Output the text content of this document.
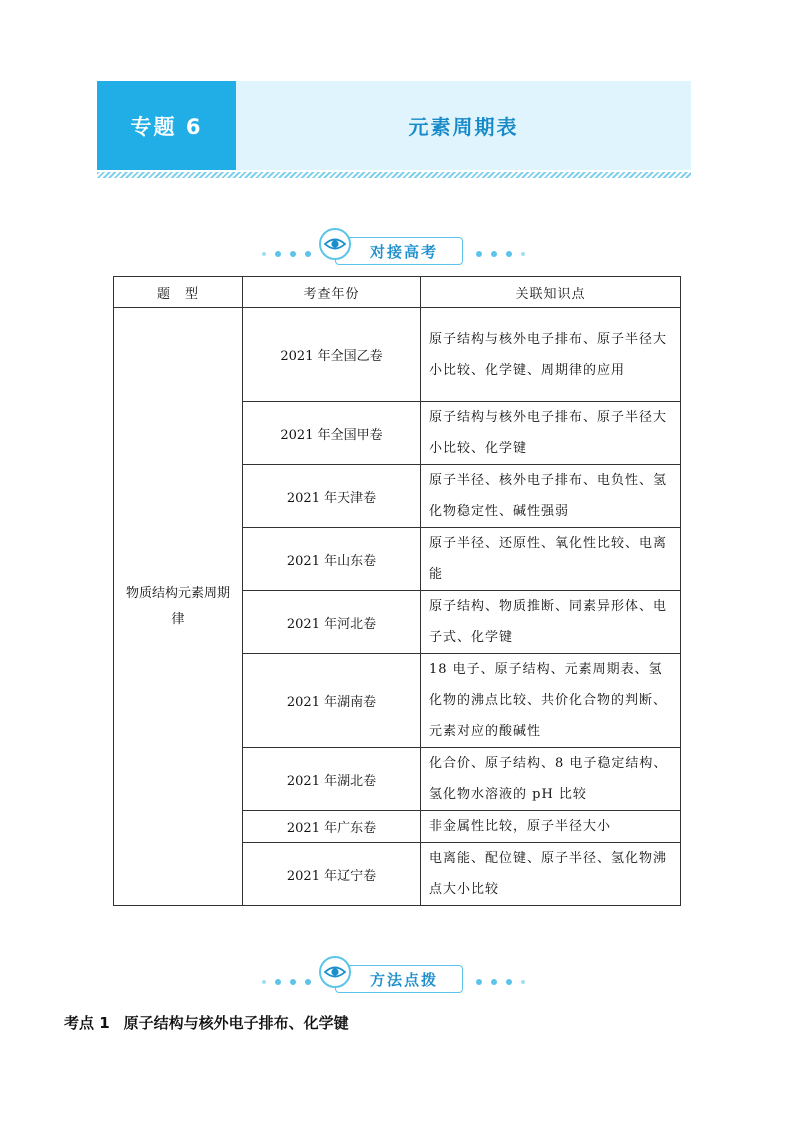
专题 6	元素周期表
对接高考
题　型	考查年份	关联知识点
物质结构元素周期律	2021 年全国乙卷	原子结构与核外电子排布、原子半径大小比较、化学键、周期律的应用
	2021 年全国甲卷	原子结构与核外电子排布、原子半径大小比较、化学键
	2021 年天津卷	原子半径、核外电子排布、电负性、氢化物稳定性、碱性强弱
	2021 年山东卷	原子半径、还原性、氧化性比较、电离能
	2021 年河北卷	原子结构、物质推断、同素异形体、电子式、化学键
	2021 年湖南卷	18 电子、原子结构、元素周期表、氢化物的沸点比较、共价化合物的判断、元素对应的酸碱性
	2021 年湖北卷	化合价、原子结构、8 电子稳定结构、氢化物水溶液的 pH 比较
	2021 年广东卷	非金属性比较，原子半径大小
	2021 年辽宁卷	电离能、配位键、原子半径、氢化物沸点大小比较
方法点拨
考点 1 原子结构与核外电子排布、化学键
